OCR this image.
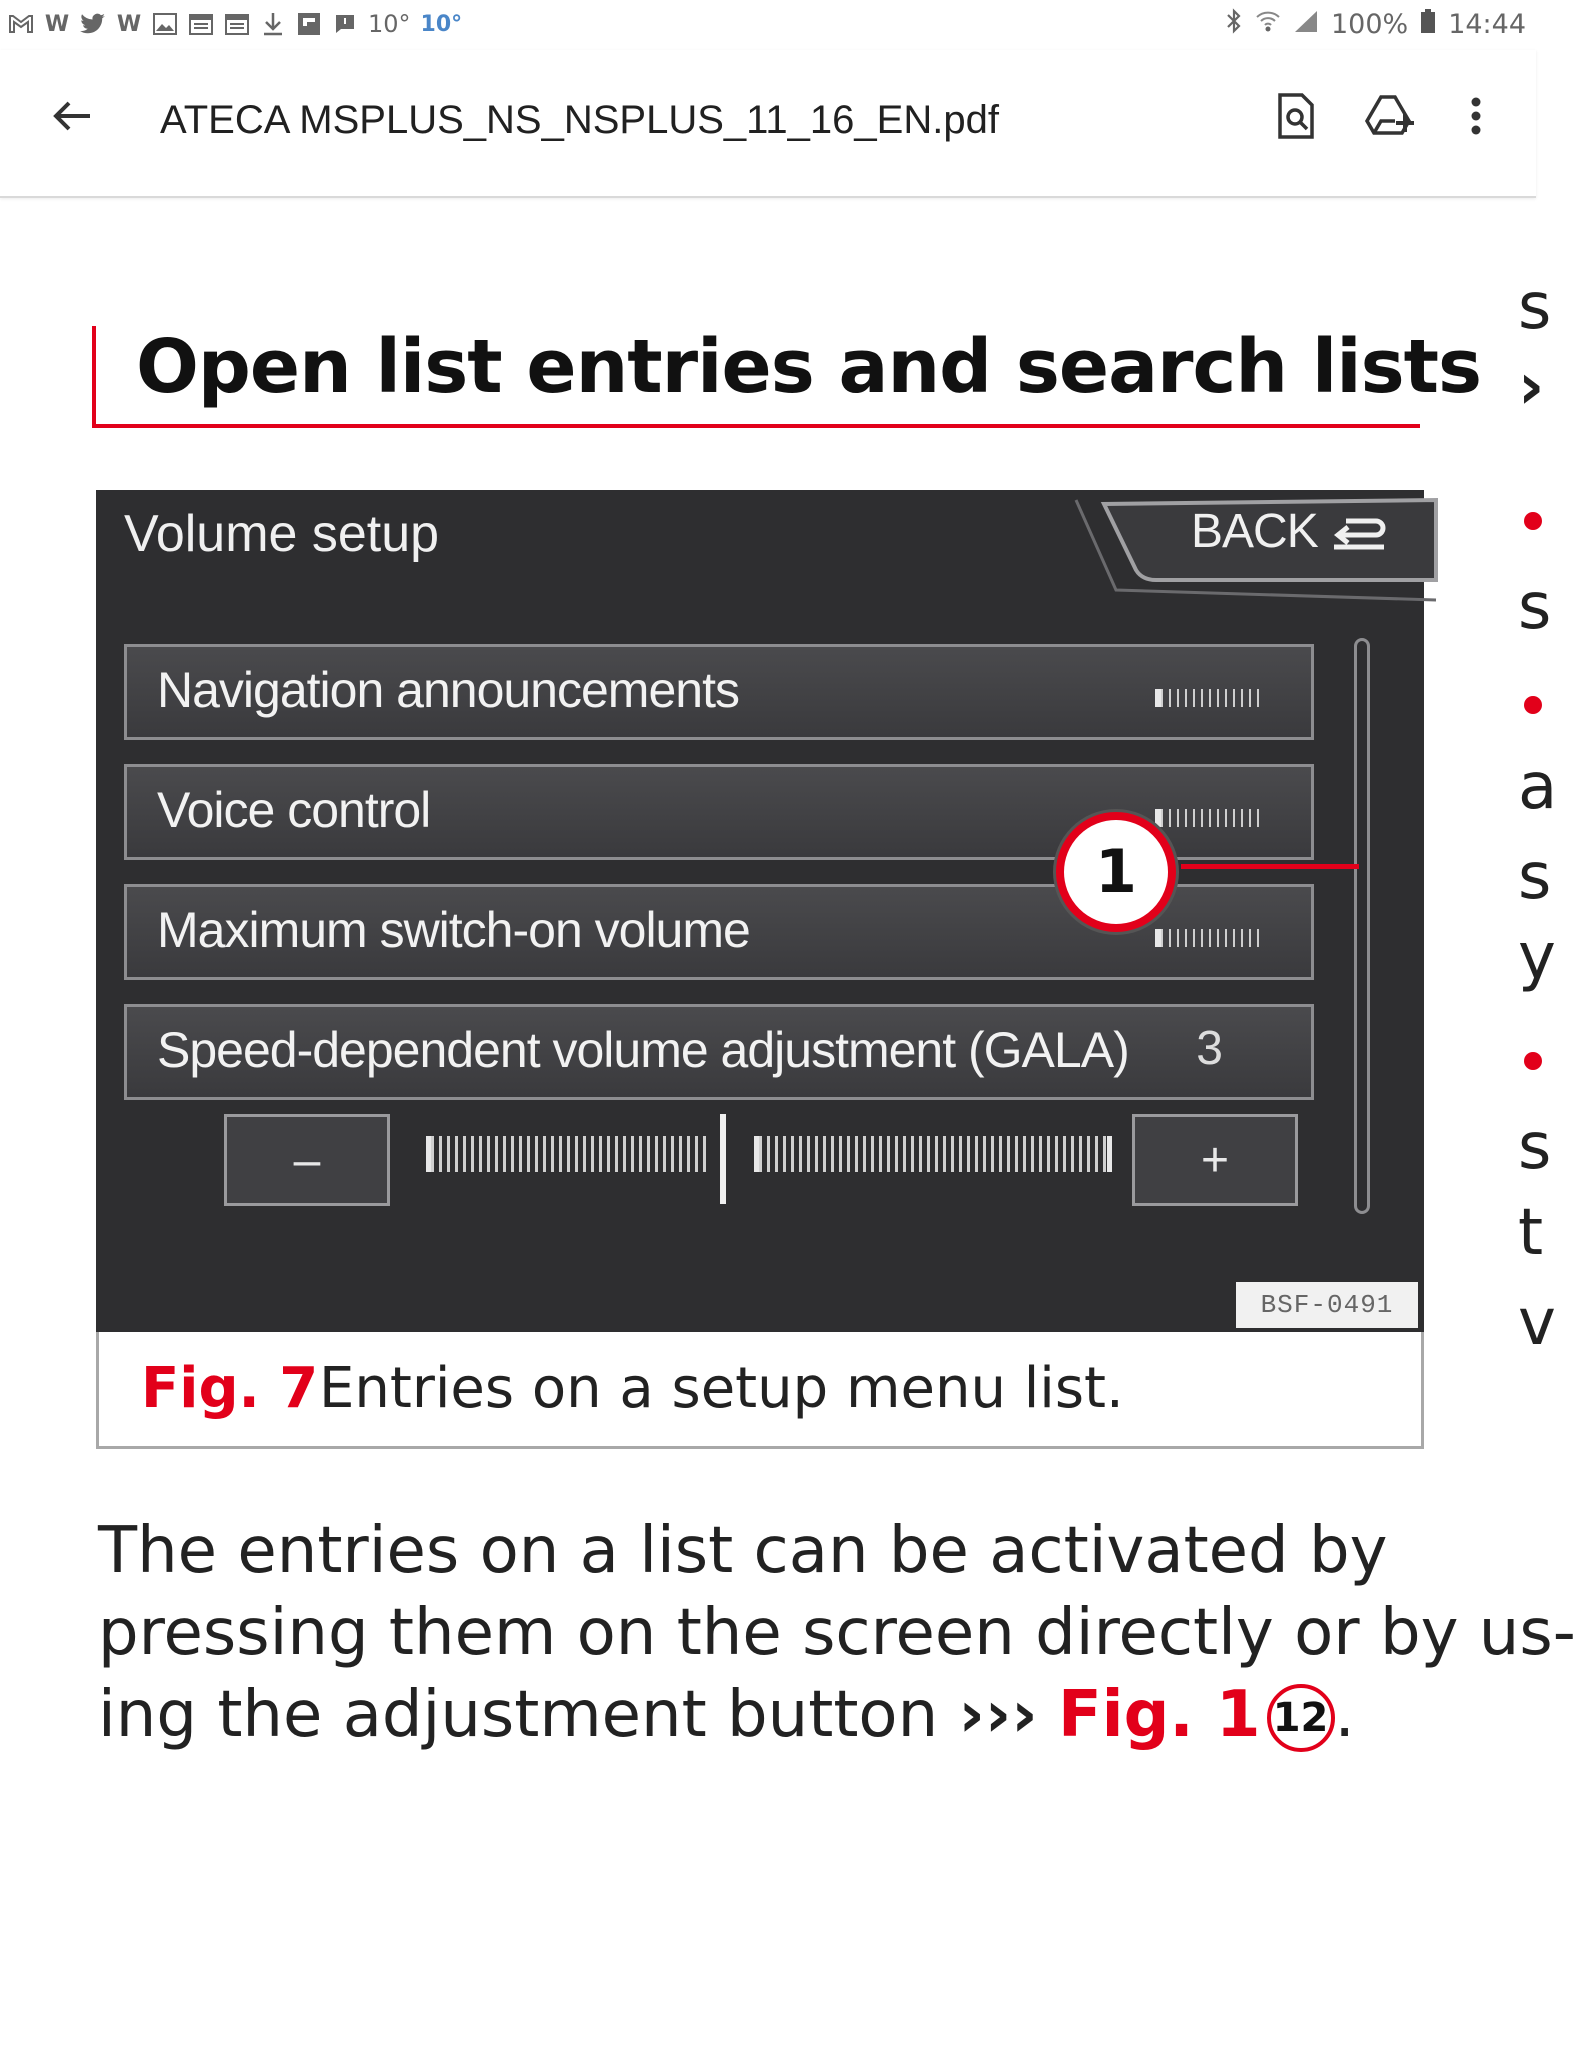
W W	10° 10°	100% 14:44
ATECA MSPLUS_NS_NSPLUS_11_16_EN.pdf
Open list entries and search lists
Volume setup	BACK
Navigation announcements
Voice control
Maximum switch-on volume
Speed-dependent volume adjustment (GALA) 3
–	+
1
BSF-0491
Fig. 7 Entries on a setup menu list.
The entries on a list can be activated by
pressing them on the screen directly or by us-
ing the adjustment button ››› Fig. 1 12.
s
›
s
a
s
y
s
t
v
